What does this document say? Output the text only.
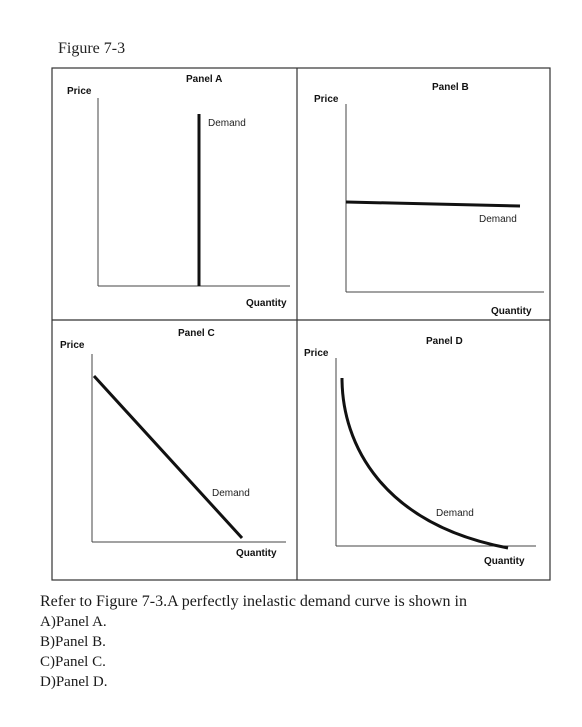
Figure 7-3
Panel A
Price
Demand
Quantity
Panel B
Price
Demand
Quantity
Panel C
Price
Demand
Quantity
Panel D
Price
Demand
Quantity
Refer to Figure 7-3.A perfectly inelastic demand curve is shown in
A)Panel A.
B)Panel B.
C)Panel C.
D)Panel D.
